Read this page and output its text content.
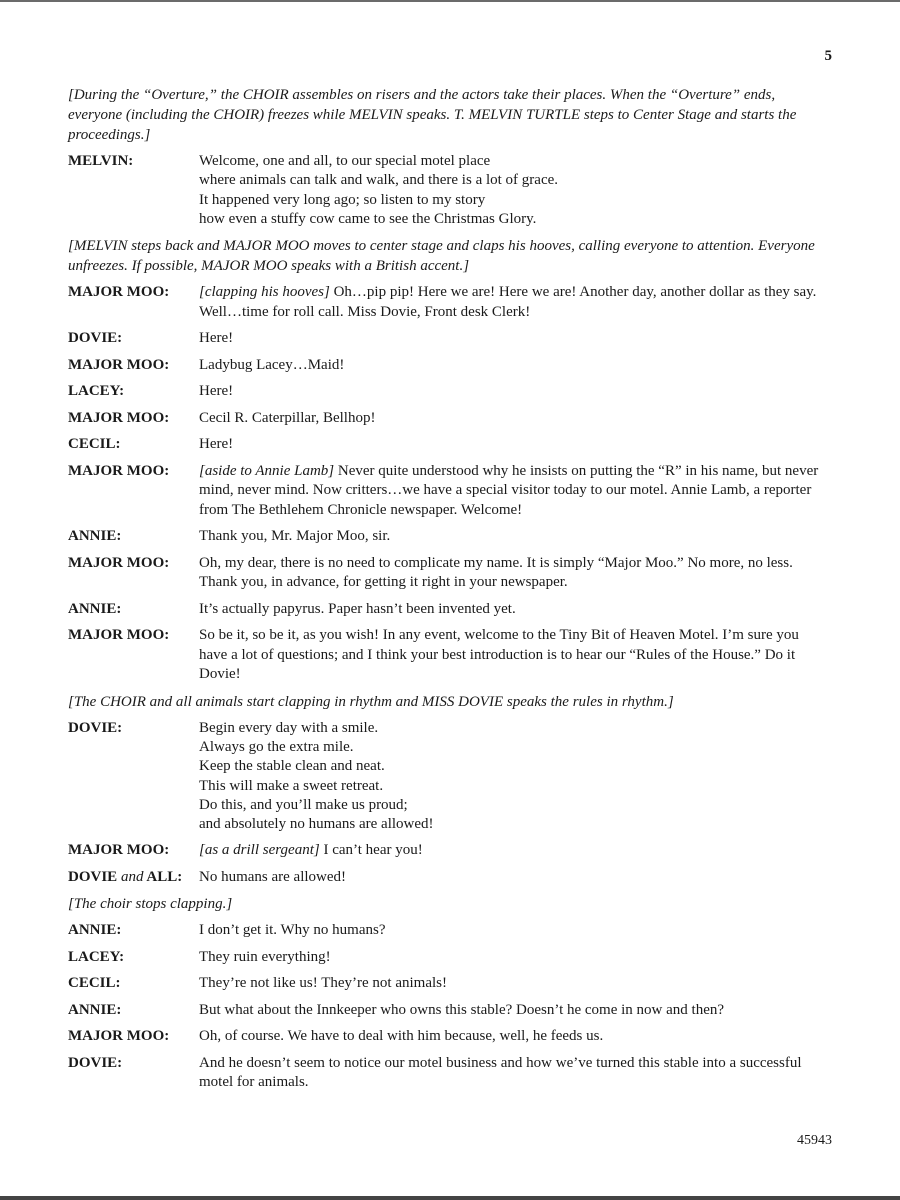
5
[During the “Overture,” the CHOIR assembles on risers and the actors take their places. When the “Overture” ends, everyone (including the CHOIR) freezes while MELVIN speaks. T. MELVIN TURTLE steps to Center Stage and starts the proceedings.]
MELVIN:	Welcome, one and all, to our special motel place
where animals can talk and walk, and there is a lot of grace.
It happened very long ago; so listen to my story
how even a stuffy cow came to see the Christmas Glory.
[MELVIN steps back and MAJOR MOO moves to center stage and claps his hooves, calling everyone to attention. Everyone unfreezes. If possible, MAJOR MOO speaks with a British accent.]
MAJOR MOO:	[clapping his hooves] Oh…pip pip! Here we are! Here we are! Another day, another dollar as they say. Well…time for roll call. Miss Dovie, Front desk Clerk!
DOVIE:	Here!
MAJOR MOO:	Ladybug Lacey…Maid!
LACEY:	Here!
MAJOR MOO:	Cecil R. Caterpillar, Bellhop!
CECIL:	Here!
MAJOR MOO:	[aside to Annie Lamb] Never quite understood why he insists on putting the “R” in his name, but never mind, never mind. Now critters…we have a special visitor today to our motel. Annie Lamb, a reporter from The Bethlehem Chronicle newspaper. Welcome!
ANNIE:	Thank you, Mr. Major Moo, sir.
MAJOR MOO:	Oh, my dear, there is no need to complicate my name. It is simply “Major Moo.” No more, no less. Thank you, in advance, for getting it right in your newspaper.
ANNIE:	It’s actually papyrus. Paper hasn’t been invented yet.
MAJOR MOO:	So be it, so be it, as you wish! In any event, welcome to the Tiny Bit of Heaven Motel. I’m sure you have a lot of questions; and I think your best introduction is to hear our “Rules of the House.” Do it Dovie!
[The CHOIR and all animals start clapping in rhythm and MISS DOVIE speaks the rules in rhythm.]
DOVIE:	Begin every day with a smile.
Always go the extra mile.
Keep the stable clean and neat.
This will make a sweet retreat.
Do this, and you’ll make us proud;
and absolutely no humans are allowed!
MAJOR MOO:	[as a drill sergeant] I can’t hear you!
DOVIE and ALL:	No humans are allowed!
[The choir stops clapping.]
ANNIE:	I don’t get it. Why no humans?
LACEY:	They ruin everything!
CECIL:	They’re not like us! They’re not animals!
ANNIE:	But what about the Innkeeper who owns this stable? Doesn’t he come in now and then?
MAJOR MOO:	Oh, of course. We have to deal with him because, well, he feeds us.
DOVIE:	And he doesn’t seem to notice our motel business and how we’ve turned this stable into a successful motel for animals.
45943
